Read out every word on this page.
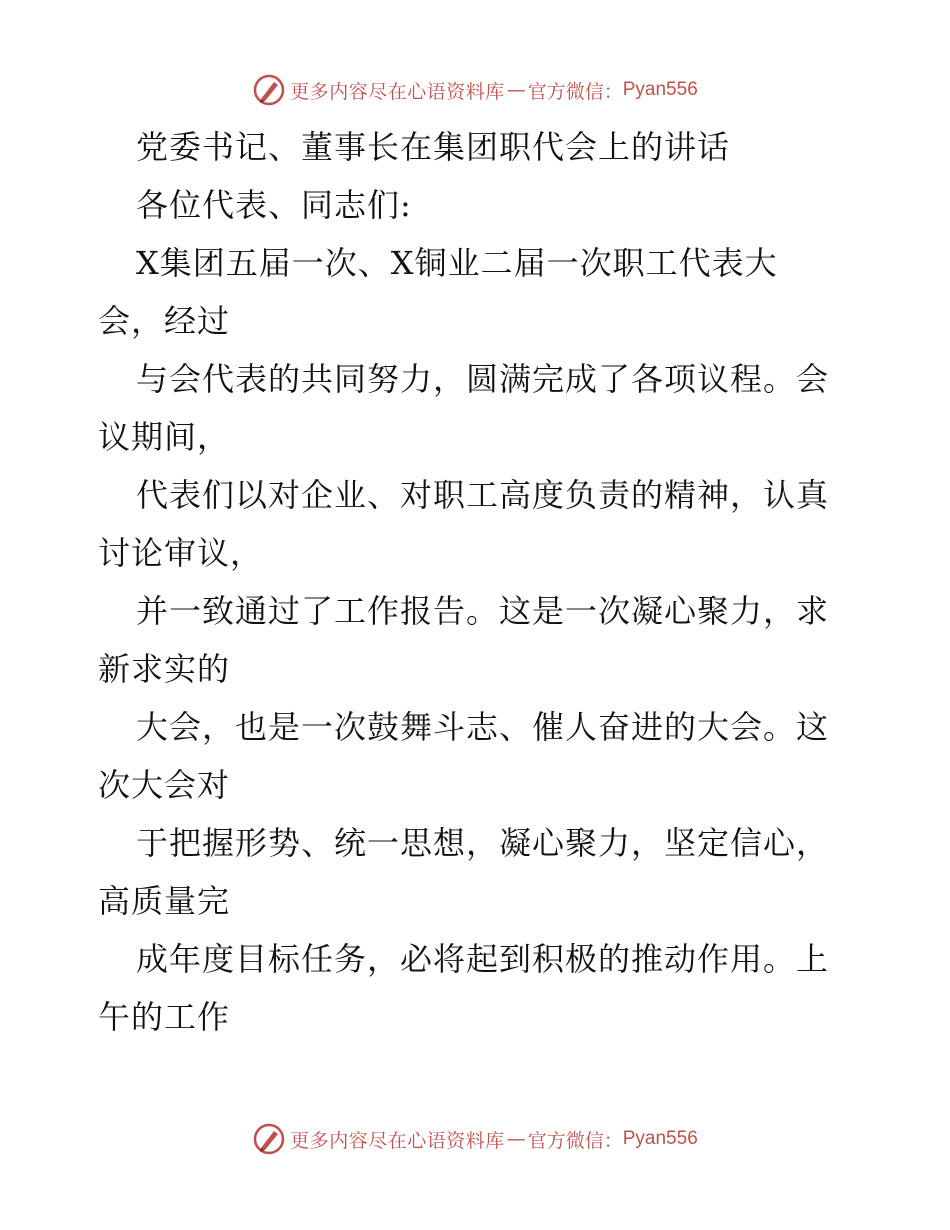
更多内容尽在心语资料库 — 官方微信： Pyan556
党委书记、董事长在集团职代会上的讲话
各位代表、同志们:
X集团五届一次、X铜业二届一次职工代表大
会，经过
与会代表的共同努力，圆满完成了各项议程。会
议期间，
代表们以对企业、对职工高度负责的精神，认真
讨论审议，
并一致通过了工作报告。这是一次凝心聚力，求
新求实的
大会，也是一次鼓舞斗志、催人奋进的大会。这
次大会对
于把握形势、统一思想，凝心聚力，坚定信心，
高质量完
成年度目标任务，必将起到积极的推动作用。上
午的工作
更多内容尽在心语资料库 — 官方微信： Pyan556
